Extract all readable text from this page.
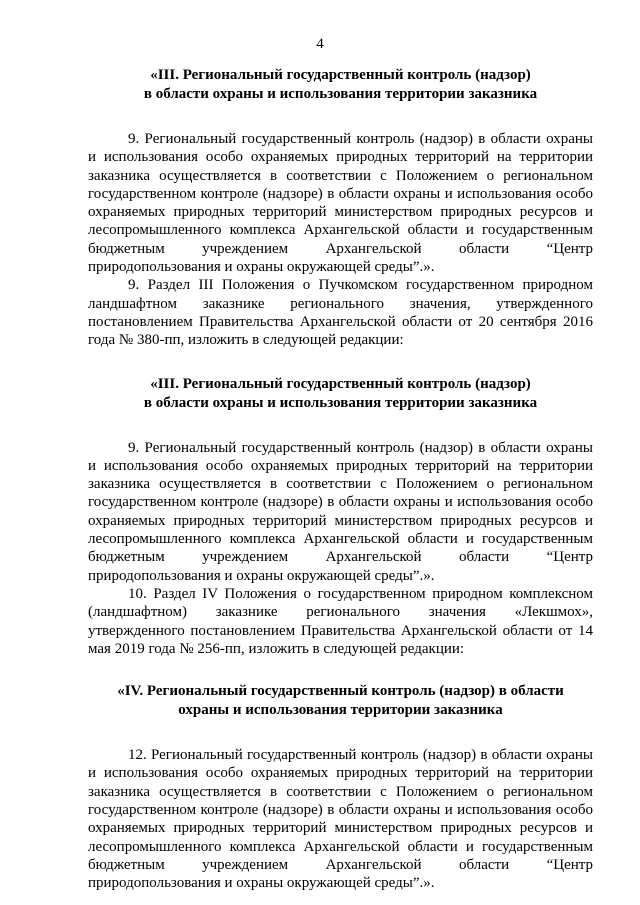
4
«III. Региональный государственный контроль (надзор)
в области охраны и использования территории заказника

9. Региональный государственный контроль (надзор) в области охраны и использования особо охраняемых природных территорий на территории заказника осуществляется в соответствии с Положением о региональном государственном контроле (надзоре) в области охраны и использования особо охраняемых природных территорий министерством природных ресурсов и лесопромышленного комплекса Архангельской области и государственным бюджетным учреждением Архангельской области “Центр природопользования и охраны окружающей среды”.».

9. Раздел III Положения о Пучкомском государственном природном ландшафтном заказнике регионального значения, утвержденного постановлением Правительства Архангельской области от 20 сентября 2016 года № 380-пп, изложить в следующей редакции:

«III. Региональный государственный контроль (надзор)
в области охраны и использования территории заказника

9. Региональный государственный контроль (надзор) в области охраны и использования особо охраняемых природных территорий на территории заказника осуществляется в соответствии с Положением о региональном государственном контроле (надзоре) в области охраны и использования особо охраняемых природных территорий министерством природных ресурсов и лесопромышленного комплекса Архангельской области и государственным бюджетным учреждением Архангельской области “Центр природопользования и охраны окружающей среды”.».

10. Раздел IV Положения о государственном природном комплексном (ландшафтном) заказнике регионального значения «Лекшмох», утвержденного постановлением Правительства Архангельской области от 14 мая 2019 года № 256-пп, изложить в следующей редакции:

«IV. Региональный государственный контроль (надзор) в области
охраны и использования территории заказника

12. Региональный государственный контроль (надзор) в области охраны и использования особо охраняемых природных территорий на территории заказника осуществляется в соответствии с Положением о региональном государственном контроле (надзоре) в области охраны и использования особо охраняемых природных территорий министерством природных ресурсов и лесопромышленного комплекса Архангельской области и государственным бюджетным учреждением Архангельской области “Центр природопользования и охраны окружающей среды”.».
